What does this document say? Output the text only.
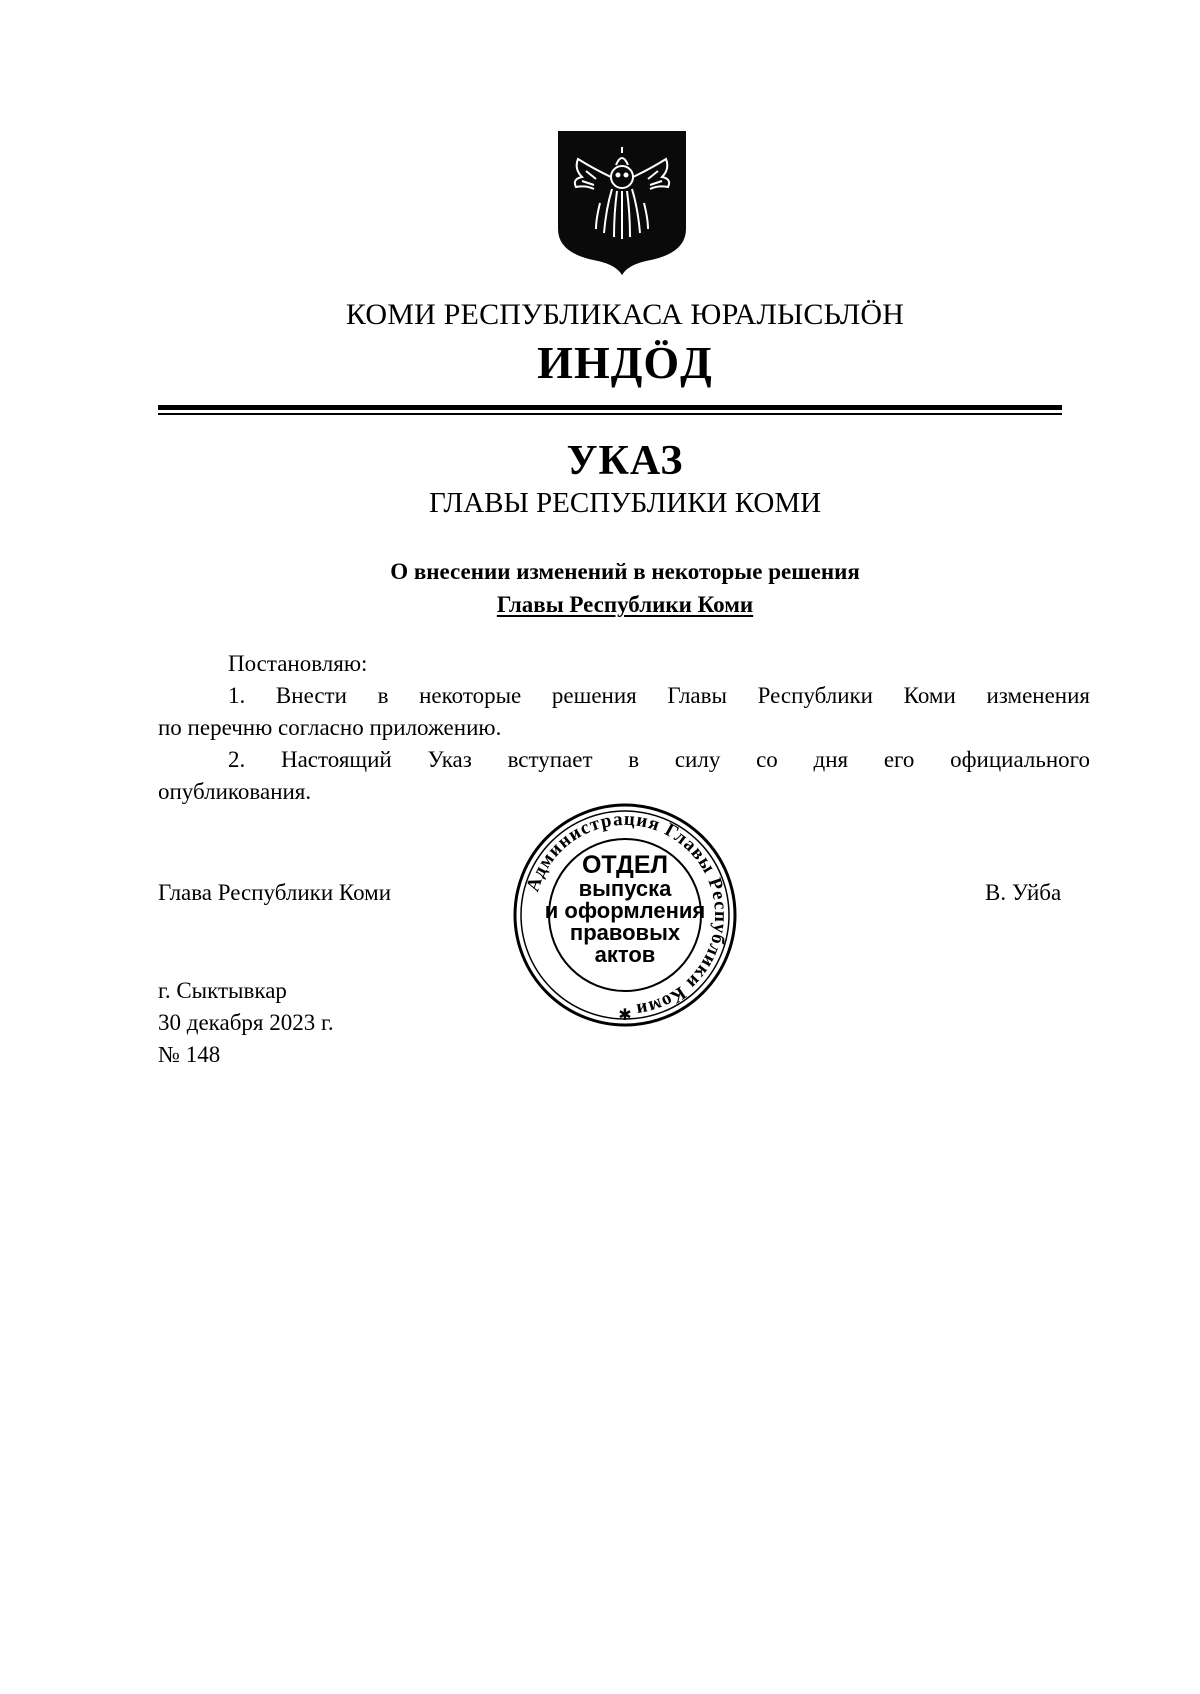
КОМИ РЕСПУБЛИКАСА ЮРАЛЫСЬЛÖН
ИНДÖД
УКАЗ
ГЛАВЫ РЕСПУБЛИКИ КОМИ
О внесении изменений в некоторые решения
Главы Республики Коми

Постановляю:

1. Внести в некоторые решения Главы Республики Коми изменения

по перечню согласно приложению.

2. Настоящий Указ вступает в силу со дня его официального

опубликования.

Глава Республики Коми	В. Уйба
Администрация Главы Республики Коми
✱
ОТДЕЛ
выпуска
и оформления
правовых
актов
г. Сыктывкар
30 декабря 2023 г.
№ 148
